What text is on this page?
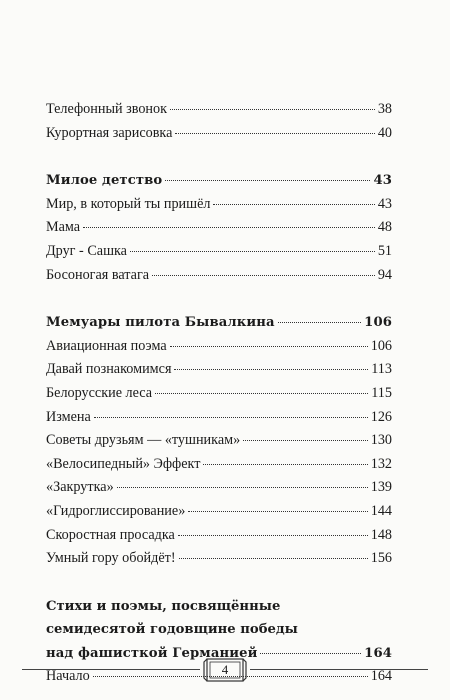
Телефонный звонок	38
Курортная зарисовка	40
Милое детство	43
Мир, в который ты пришёл	43
Мама	48
Друг - Сашка	51
Босоногая ватага	94
Мемуары пилота Бывалкина	106
Авиационная поэма	106
Давай познакомимся	113
Белорусские леса	115
Измена	126
Советы друзьям — «тушникам»	130
«Велосипедный» Эффект	132
«Закрутка»	139
«Гидроглиссирование»	144
Скоростная просадка	148
Умный гору обойдёт!	156
Стихи и поэмы, посвящённые
семидесятой годовщине победы
над фашисткой Германией	164
Начало	164
4
